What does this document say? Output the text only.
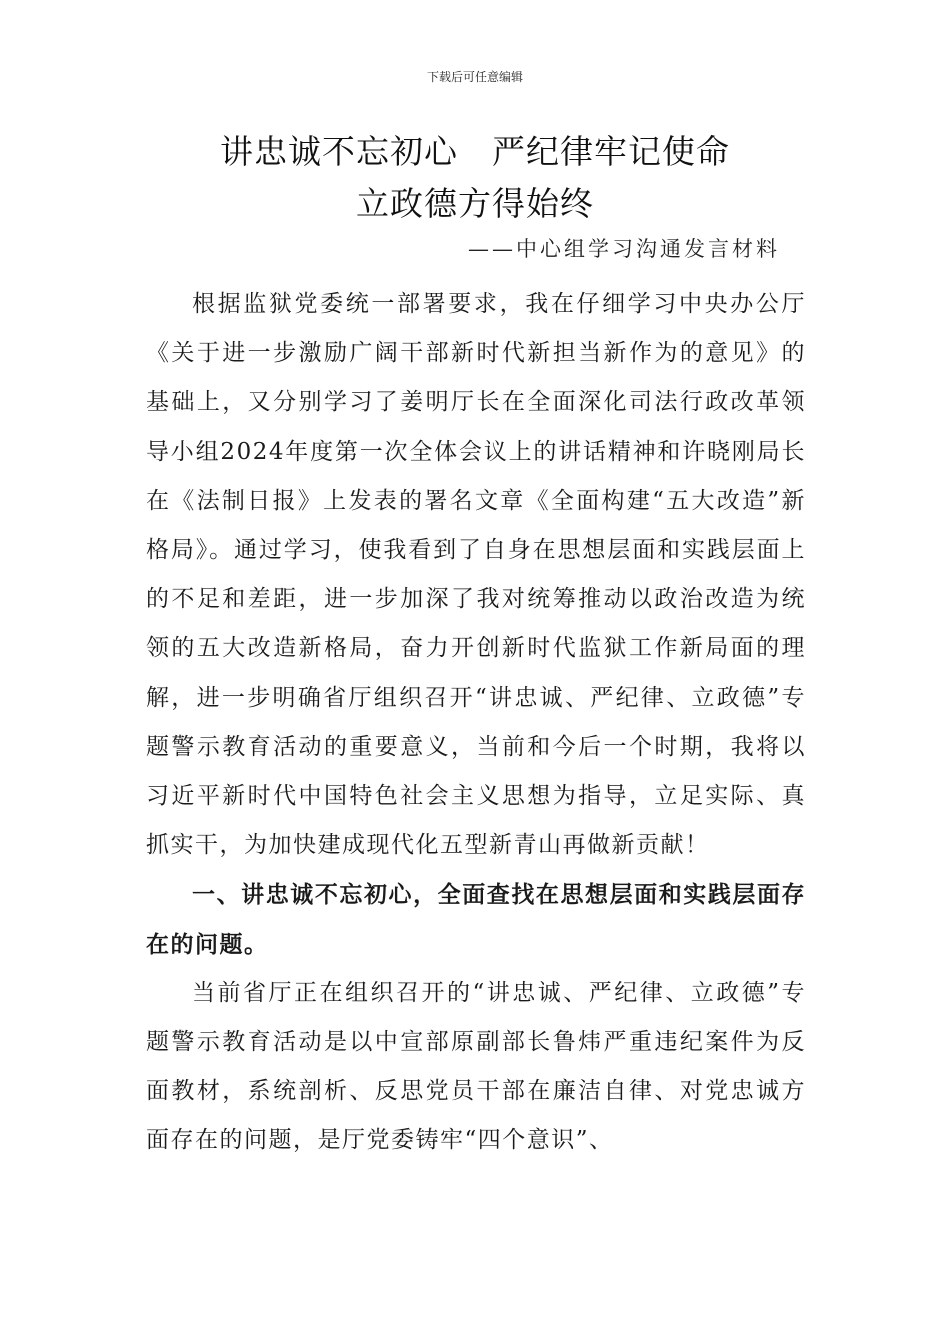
下载后可任意编辑
讲忠诚不忘初心　严纪律牢记使命
立政德方得始终
——中心组学习沟通发言材料

根据监狱党委统一部署要求，我在仔细学习中央办公厅《关于进一步激励广阔干部新时代新担当新作为的意见》的基础上，又分别学习了姜明厅长在全面深化司法行政改革领导小组2024年度第一次全体会议上的讲话精神和许晓刚局长在《法制日报》上发表的署名文章《全面构建“五大改造”新格局》。通过学习，使我看到了自身在思想层面和实践层面上的不足和差距，进一步加深了我对统筹推动以政治改造为统领的五大改造新格局，奋力开创新时代监狱工作新局面的理解，进一步明确省厅组织召开“讲忠诚、严纪律、立政德”专题警示教育活动的重要意义，当前和今后一个时期，我将以习近平新时代中国特色社会主义思想为指导，立足实际、真抓实干，为加快建成现代化五型新青山再做新贡献！

一、讲忠诚不忘初心，全面查找在思想层面和实践层面存在的问题。

当前省厅正在组织召开的“讲忠诚、严纪律、立政德”专题警示教育活动是以中宣部原副部长鲁炜严重违纪案件为反面教材，系统剖析、反思党员干部在廉洁自律、对党忠诚方面存在的问题，是厅党委铸牢“四个意识”、
